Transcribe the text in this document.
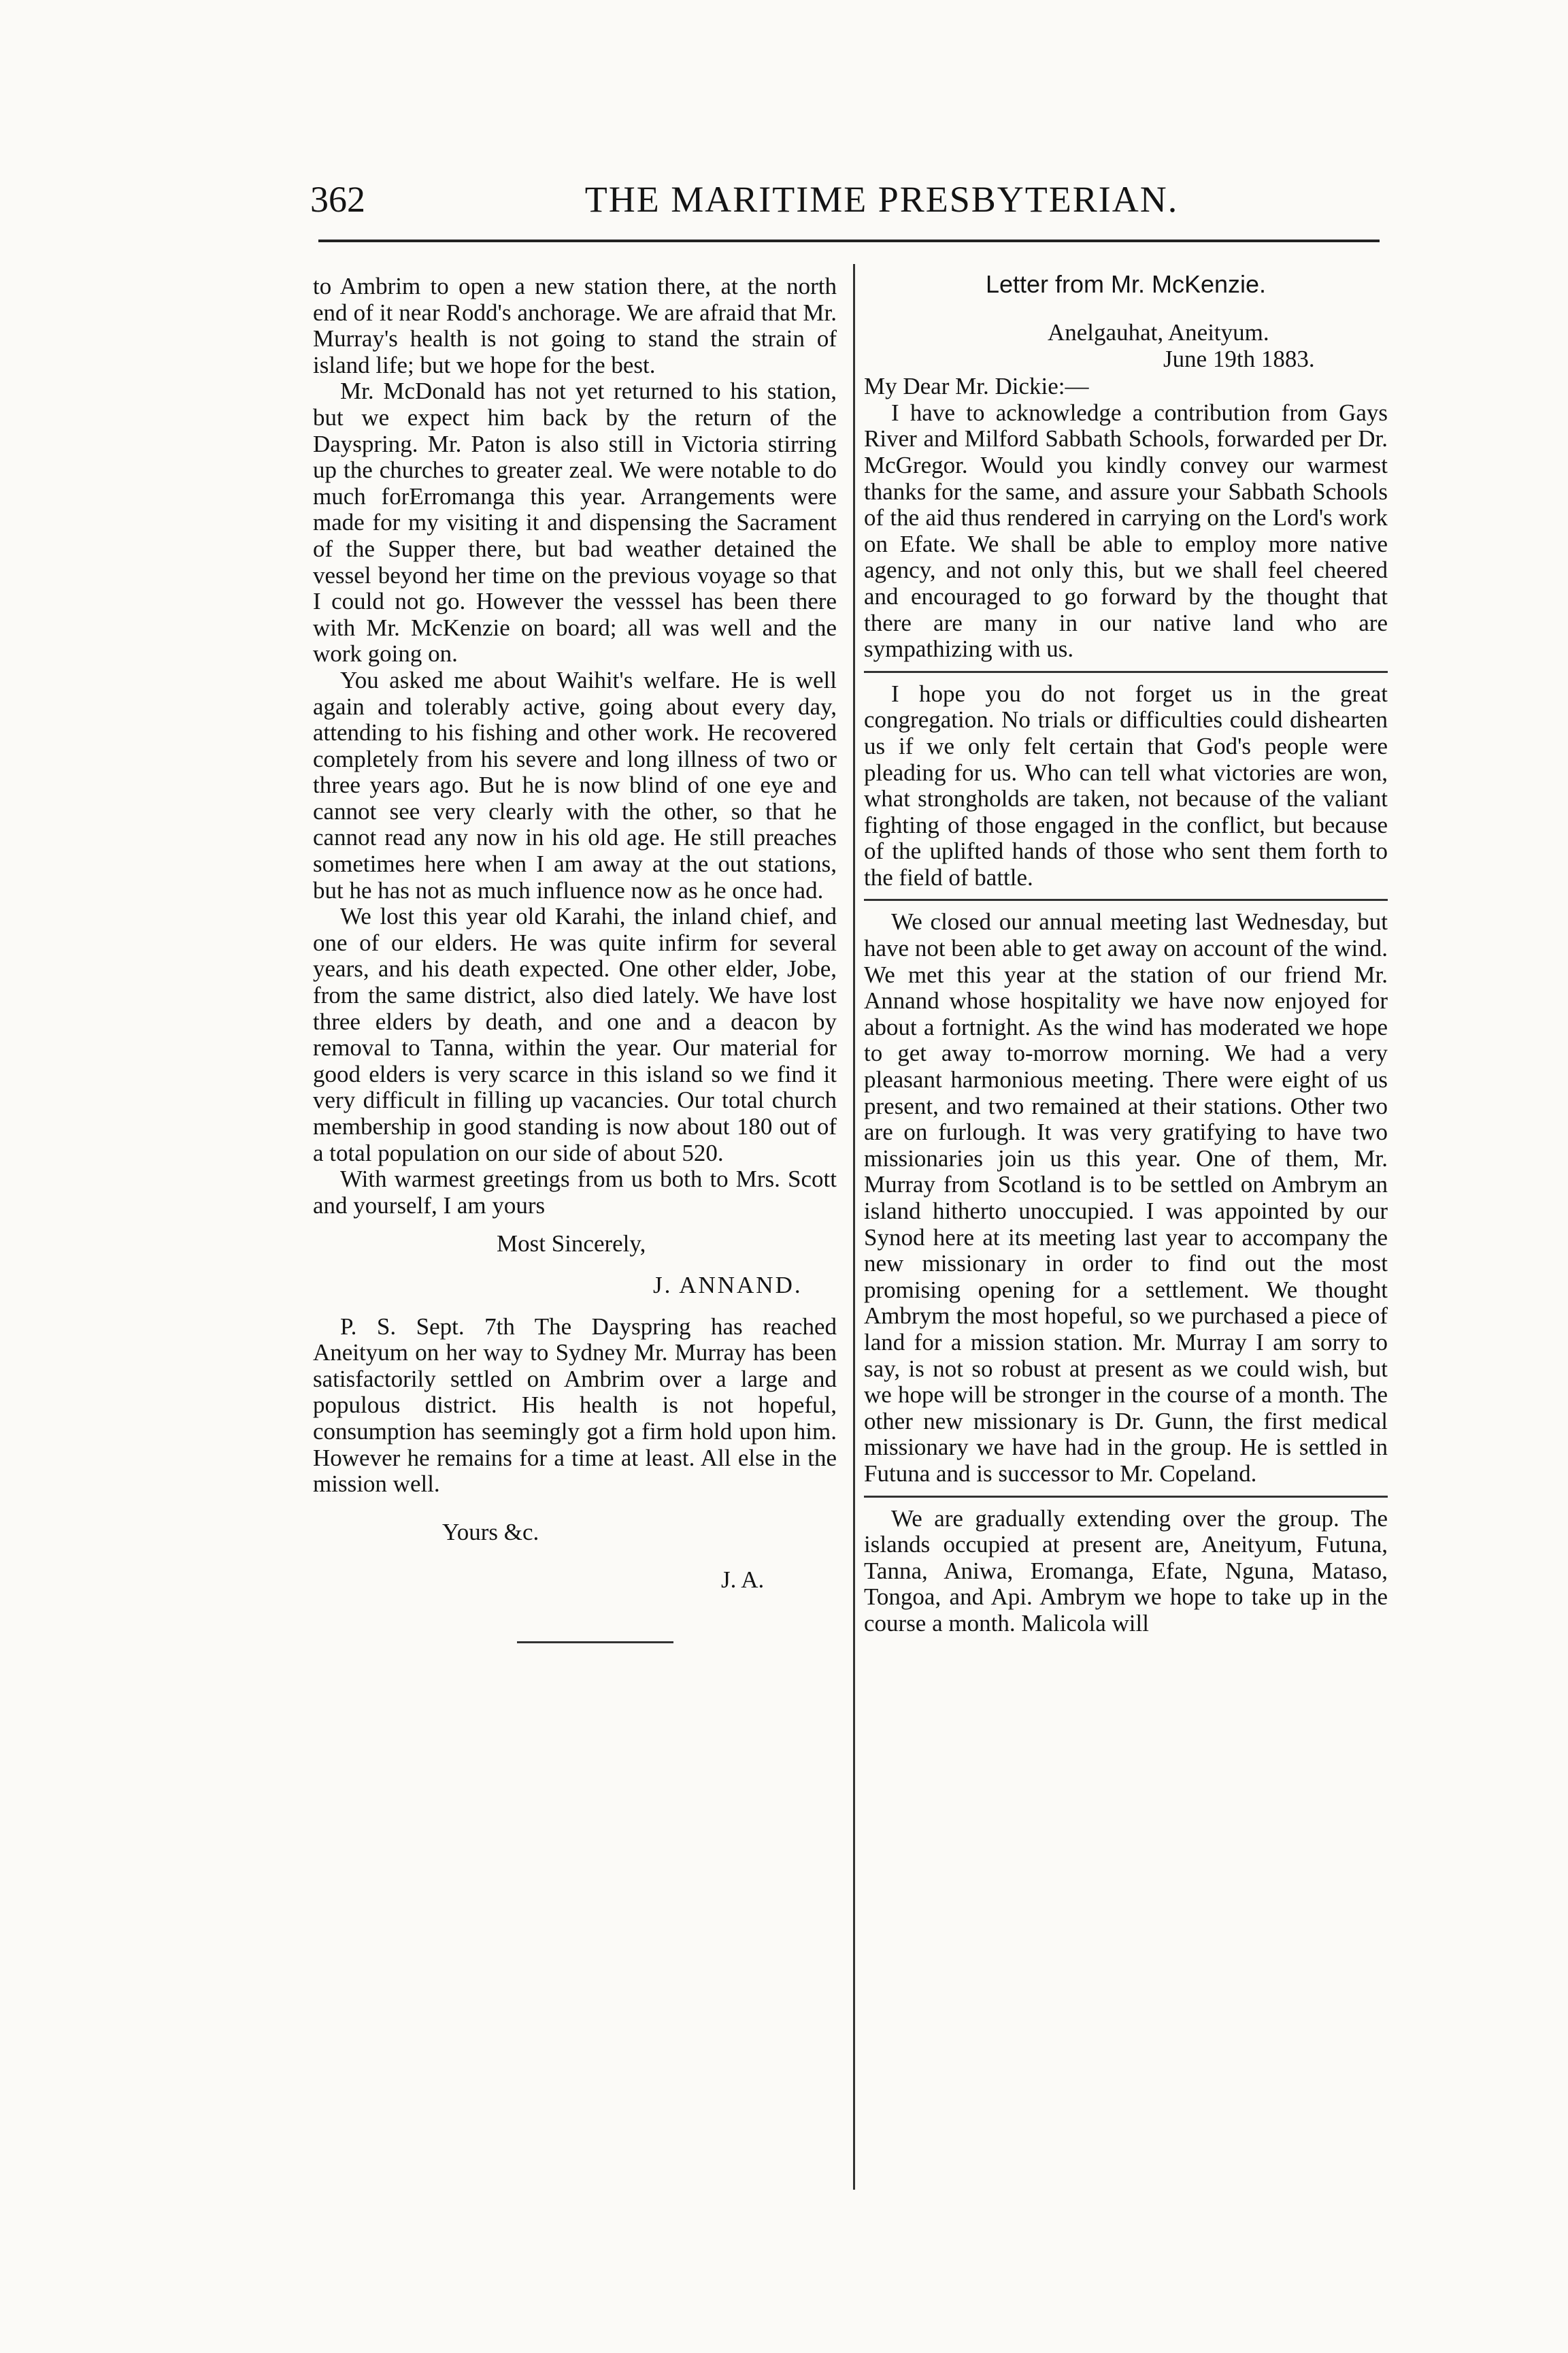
362	THE MARITIME PRESBYTERIAN.

to Ambrim to open a new station there, at the north end of it near Rodd's anchorage. We are afraid that Mr. Murray's health is not going to stand the strain of island life; but we hope for the best.

Mr. McDonald has not yet returned to his station, but we expect him back by the return of the Dayspring. Mr. Paton is also still in Victoria stirring up the churches to greater zeal. We were notable to do much forErromanga this year. Arrangements were made for my visiting it and dispensing the Sacrament of the Supper there, but bad weather detained the vessel beyond her time on the previous voyage so that I could not go. However the vesssel has been there with Mr. McKenzie on board; all was well and the work going on.

You asked me about Waihit's welfare. He is well again and tolerably active, going about every day, attending to his fishing and other work. He recovered completely from his severe and long illness of two or three years ago. But he is now blind of one eye and cannot see very clearly with the other, so that he cannot read any now in his old age. He still preaches sometimes here when I am away at the out stations, but he has not as much influence now as he once had.

We lost this year old Karahi, the inland chief, and one of our elders. He was quite infirm for several years, and his death expected. One other elder, Jobe, from the same district, also died lately. We have lost three elders by death, and one and a deacon by removal to Tanna, within the year. Our material for good elders is very scarce in this island so we find it very difficult in filling up vacancies. Our total church membership in good standing is now about 180 out of a total population on our side of about 520.

With warmest greetings from us both to Mrs. Scott and yourself, I am yours

Most Sincerely,
J. ANNAND.

P. S. Sept. 7th The Dayspring has reached Aneityum on her way to Sydney Mr. Murray has been satisfactorily settled on Ambrim over a large and populous district. His health is not hopeful, consumption has seemingly got a firm hold upon him. However he remains for a time at least. All else in the mission well.

Yours &c.
J. A.
Letter from Mr. McKenzie.
Anelgauhat, Aneityum.
June 19th 1883.
My Dear Mr. Dickie:—

I have to acknowledge a contribution from Gays River and Milford Sabbath Schools, forwarded per Dr. McGregor. Would you kindly convey our warmest thanks for the same, and assure your Sabbath Schools of the aid thus rendered in carrying on the Lord's work on Efate. We shall be able to employ more native agency, and not only this, but we shall feel cheered and encouraged to go forward by the thought that there are many in our native land who are sympathizing with us.

I hope you do not forget us in the great congregation. No trials or difficulties could dishearten us if we only felt certain that God's people were pleading for us. Who can tell what victories are won, what strongholds are taken, not because of the valiant fighting of those engaged in the conflict, but because of the uplifted hands of those who sent them forth to the field of battle.

We closed our annual meeting last Wednesday, but have not been able to get away on account of the wind. We met this year at the station of our friend Mr. Annand whose hospitality we have now enjoyed for about a fortnight. As the wind has moderated we hope to get away to-morrow morning. We had a very pleasant harmonious meeting. There were eight of us present, and two remained at their stations. Other two are on furlough. It was very gratifying to have two missionaries join us this year. One of them, Mr. Murray from Scotland is to be settled on Ambrym an island hitherto unoccupied. I was appointed by our Synod here at its meeting last year to accompany the new missionary in order to find out the most promising opening for a settlement. We thought Ambrym the most hopeful, so we purchased a piece of land for a mission station. Mr. Murray I am sorry to say, is not so robust at present as we could wish, but we hope will be stronger in the course of a month. The other new missionary is Dr. Gunn, the first medical missionary we have had in the group. He is settled in Futuna and is successor to Mr. Copeland.

We are gradually extending over the group. The islands occupied at present are, Aneityum, Futuna, Tanna, Aniwa, Eromanga, Efate, Nguna, Mataso, Tongoa, and Api. Ambrym we hope to take up in the course a month. Malicola will
